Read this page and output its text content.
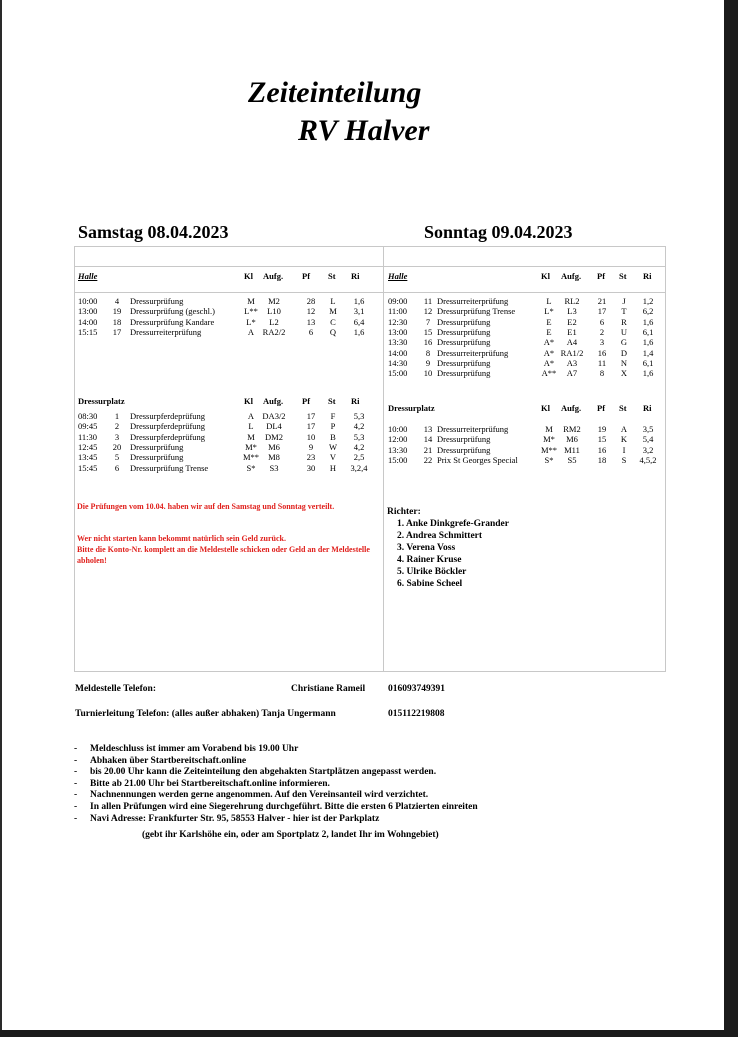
Zeiteinteilung
RV Halver
Samstag 08.04.2023	Sonntag 09.04.2023
Halle	Kl Aufg. Pf St Ri
10:00	4	Dressurprüfung	M	M2	28	L	1,6
13:00	19	Dressurprüfung (geschl.)	L**	L10	12	M	3,1
14:00	18	Dressurprüfung Kandare	L*	L2	13	C	6,4
15:15	17	Dressurreiterprüfung	A	RA2/2	6	Q	1,6
Dressurplatz	Kl Aufg. Pf St Ri
08:30	1	Dressurpferdeprüfung	A DA3/2	17	F	5,3
09:45	2	Dressurpferdeprüfung	L	DL4	17	P	4,2
11:30	3	Dressurpferdeprüfung	M	DM2	10	B	5,3
12:45	20	Dressurprüfung	M*	M6	9	W	4,2
13:45	5	Dressurprüfung	M**	M8	23	V	2,5
15:45	6	Dressurprüfung Trense	S*	S3	30	H	3,2,4
Halle	Kl Aufg. Pf St Ri
09:00	11 Dressurreiterprüfung	L	RL2	21	J	1,2
11:00	12 Dressurprüfung Trense	L*	L3	17	T	6,2
12:30	7 Dressurprüfung	E	E2	6	R	1,6
13:00	15 Dressurprüfung	E	E1	2	U	6,1
13:30	16 Dressurprüfung	A*	A4	3	G	1,6
14:00	8 Dressurreiterprüfung	A* RA1/2	16	D	1,4
14:30	9 Dressurprüfung	A*	A3	11	N	6,1
15:00	10 Dressurprüfung	A**	A7	8	X	1,6
Dressurplatz	Kl Aufg. Pf St Ri
10:00	13 Dressurreiterprüfung	M	RM2	19	A	3,5
12:00	14 Dressurprüfung	M*	M6	15	K	5,4
13:30	21 Dressurprüfung	M** M11	16	I	3,2
15:00	22 Prix St Georges Special	S*	S5	18	S	4,5,2
Die Prüfungen vom 10.04. haben wir auf den Samstag und Sonntag verteilt.
Wer nicht starten kann bekommt natürlich sein Geld zurück.
Bitte die Konto-Nr. komplett an die Meldestelle schicken oder Geld an der Meldestelle abholen!
Richter:
1. Anke Dinkgrefe-Grander
2. Andrea Schmittert
3. Verena Voss
4. Rainer Kruse
5. Ulrike Böckler
6. Sabine Scheel
Meldestelle Telefon:	Christiane Rameil 016093749391
Turnierleitung Telefon: (alles außer abhaken) Tanja Ungermann	015112219808
- Meldeschluss ist immer am Vorabend bis 19.00 Uhr
- Abhaken über Startbereitschaft.online
- bis 20.00 Uhr kann die Zeiteinteilung den abgehakten Startplätzen angepasst werden.
- Bitte ab 21.00 Uhr bei Startbereitschaft.online informieren.
- Nachnennungen werden gerne angenommen. Auf den Vereinsanteil wird verzichtet.
- In allen Prüfungen wird eine Siegerehrung durchgeführt. Bitte die ersten 6 Platzierten einreiten
- Navi Adresse: Frankfurter Str. 95, 58553 Halver - hier ist der Parkplatz
(gebt ihr Karlshöhe ein, oder am Sportplatz 2, landet Ihr im Wohngebiet)
